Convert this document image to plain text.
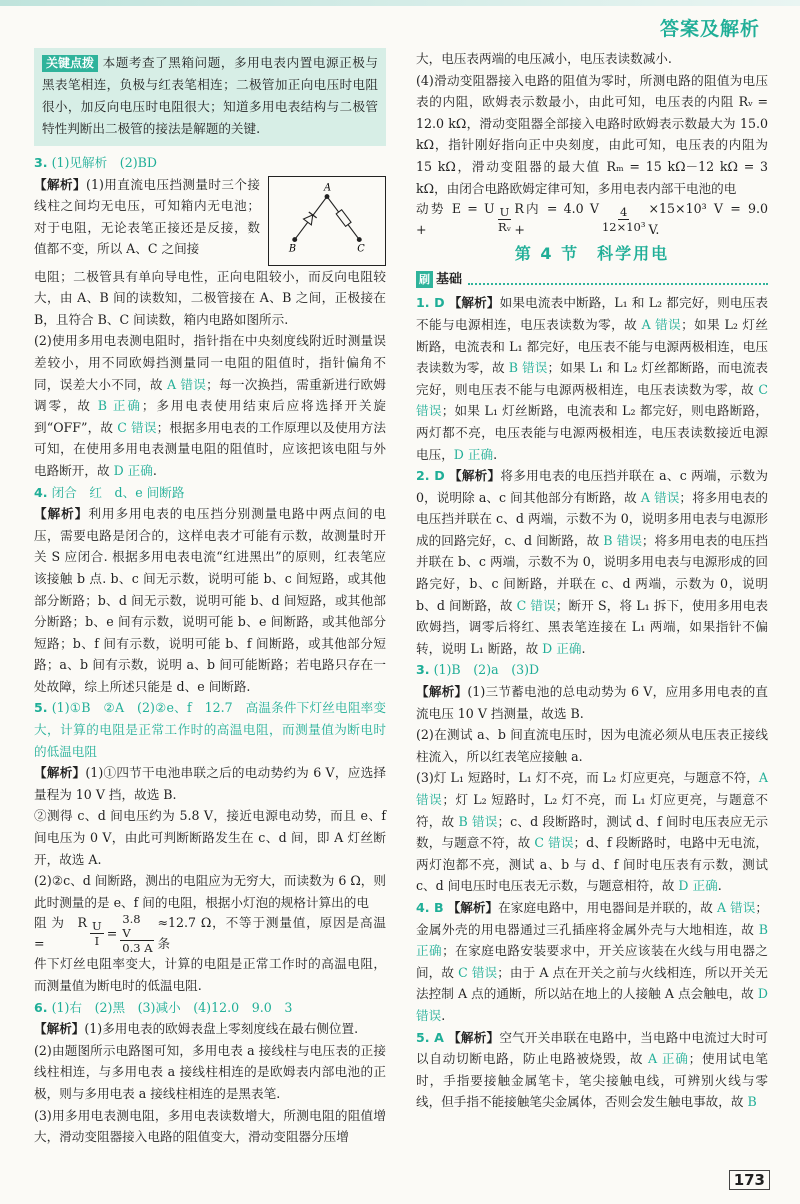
答案及解析
关键点拨 本题考查了黑箱问题，多用电表内置电源正极与黑表笔相连，负极与红表笔相连；二极管加正向电压时电阻很小，加反向电压时电阻很大；知道多用电表结构与二极管特性判断出二极管的接法是解题的关键.

3. (1)见解析　(2)BD

【解析】(1)用直流电压挡测量时三个接线柱之间均无电压，可知箱内无电池；对于电阻，无论表笔正接还是反接，数值都不变，所以 A、C 之间接

A
B	C

电阻；二极管具有单向导电性，正向电阻较小，而反向电阻较大，由 A、B 间的读数知，二极管接在 A、B 之间，正极接在 B，且符合 B、C 间读数，箱内电路如图所示.

(2)使用多用电表测电阻时，指针指在中央刻度线附近时测量误差较小，用不同欧姆挡测量同一电阻的阻值时，指针偏角不同，误差大小不同，故 A 错误；每一次换挡，需重新进行欧姆调零，故 B 正确；多用电表使用结束后应将选择开关旋到“OFF”，故 C 错误；根据多用电表的工作原理以及使用方法可知，在使用多用电表测量电阻的阻值时，应该把该电阻与外电路断开，故 D 正确.

4. 闭合　红　d、e 间断路

【解析】利用多用电表的电压挡分别测量电路中两点间的电压，需要电路是闭合的，这样电表才可能有示数，故测量时开关 S 应闭合. 根据多用电表电流“红进黑出”的原则，红表笔应该接触 b 点. b、c 间无示数，说明可能 b、c 间短路，或其他部分断路；b、d 间无示数，说明可能 b、d 间短路，或其他部分断路；b、e 间有示数，说明可能 b、e 间断路，或其他部分短路；b、f 间有示数，说明可能 b、f 间断路，或其他部分短路；a、b 间有示数，说明 a、b 间可能断路；若电路只存在一处故障，综上所述只能是 d、e 间断路.

5. (1)①B　②A　(2)②e、f　12.7　高温条件下灯丝电阻率变大，计算的电阻是正常工作时的高温电阻，而测量值为断电时的低温电阻

【解析】(1)①四节干电池串联之后的电动势约为 6 V，应选择量程为 10 V 挡，故选 B.

②测得 c、d 间电压约为 5.8 V，接近电源电动势，而且 e、f 间电压为 0 V，由此可判断断路发生在 c、d 间，即 A 灯丝断开，故选 A.

(2)②c、d 间断路，测出的电阻应为无穷大，而读数为 6 Ω，则此时测量的是 e、f 间的电阻，根据小灯泡的规格计算出的电

阻为 R =	$\frac{U}{I} = \frac{3.8 V}{0.3 A} \approx 12.7$ Ω，不等于测量值，原因是高温条

件下灯丝电阻率变大，计算的电阻是正常工作时的高温电阻，而测量值为断电时的低温电阻.

6. (1)右　(2)黑　(3)减小　(4)12.0　9.0　3

【解析】(1)多用电表的欧姆表盘上零刻度线在最右侧位置.

(2)由题图所示电路图可知，多用电表 a 接线柱与电压表的正接线柱相连，与多用电表 a 接线柱相连的是欧姆表内部电池的正极，则与多用电表 a 接线柱相连的是黑表笔.

(3)用多用电表测电阻，多用电表读数增大，所测电阻的阻值增大，滑动变阻器接入电路的阻值变大，滑动变阻器分压增

大，电压表两端的电压减小，电压表读数减小.

(4)滑动变阻器接入电路的阻值为零时，所测电路的阻值为电压表的内阻，欧姆表示数最小，由此可知，电压表的内阻 Rᵥ = 12.0 kΩ，滑动变阻器全部接入电路时欧姆表示数最大为 15.0 kΩ，指针刚好指向正中央刻度，由此可知，电压表的内阻为 15 kΩ，滑动变阻器的最大值 Rₘ = 15 kΩ－12 kΩ = 3 kΩ，由闭合电路欧姆定律可知，多用电表内部干电池的电

动势 E = U +	$\frac{U}{\text{Rᵥ}}$ R内 = 4.0 V +	$\frac{4}{\text{12×10³}} \times 15\times 10^3$ V = 9.0 V.
第 4 节　科学用电
刷 基础

1. D 【解析】如果电流表中断路，L₁ 和 L₂ 都完好，则电压表不能与电源相连，电压表读数为零，故 A 错误；如果 L₂ 灯丝断路，电流表和 L₁ 都完好，电压表不能与电源两极相连，电压表读数为零，故 B 错误；如果 L₁ 和 L₂ 灯丝都断路，而电流表完好，则电压表不能与电源两极相连，电压表读数为零，故 C 错误；如果 L₁ 灯丝断路，电流表和 L₂ 都完好，则电路断路，两灯都不亮，电压表能与电源两极相连，电压表读数接近电源电压，D 正确.

2. D 【解析】将多用电表的电压挡并联在 a、c 两端，示数为 0，说明除 a、c 间其他部分有断路，故 A 错误；将多用电表的电压挡并联在 c、d 两端，示数不为 0，说明多用电表与电源形成的回路完好，c、d 间断路，故 B 错误；将多用电表的电压挡并联在 b、c 两端，示数不为 0，说明多用电表与电源形成的回路完好，b、c 间断路，并联在 c、d 两端，示数为 0，说明 b、d 间断路，故 C 错误；断开 S，将 L₁ 拆下，使用多用电表欧姆挡，调零后将红、黑表笔连接在 L₁ 两端，如果指针不偏转，说明 L₁ 断路，故 D 正确.

3. (1)B　(2)a　(3)D

【解析】(1)三节蓄电池的总电动势为 6 V，应用多用电表的直流电压 10 V 挡测量，故选 B.

(2)在测试 a、b 间直流电压时，因为电流必须从电压表正接线柱流入，所以红表笔应接触 a.

(3)灯 L₁ 短路时，L₁ 灯不亮，而 L₂ 灯应更亮，与题意不符，A 错误；灯 L₂ 短路时，L₂ 灯不亮，而 L₁ 灯应更亮，与题意不符，故 B 错误；c、d 段断路时，测试 d、f 间时电压表应无示数，与题意不符，故 C 错误；d、f 段断路时，电路中无电流，两灯泡都不亮，测试 a、b 与 d、f 间时电压表有示数，测试 c、d 间电压时电压表无示数，与题意相符，故 D 正确.

4. B 【解析】在家庭电路中，用电器间是并联的，故 A 错误；金属外壳的用电器通过三孔插座将金属外壳与大地相连，故 B 正确；在家庭电路安装要求中，开关应该装在火线与用电器之间，故 C 错误；由于 A 点在开关之前与火线相连，所以开关无法控制 A 点的通断，所以站在地上的人接触 A 点会触电，故 D 错误.

5. A 【解析】空气开关串联在电路中，当电路中电流过大时可以自动切断电路，防止电路被烧毁，故 A 正确；使用试电笔时，手指要接触金属笔卡，笔尖接触电线，可辨别火线与零线，但手指不能接触笔尖金属体，否则会发生触电事故，故 B

173
